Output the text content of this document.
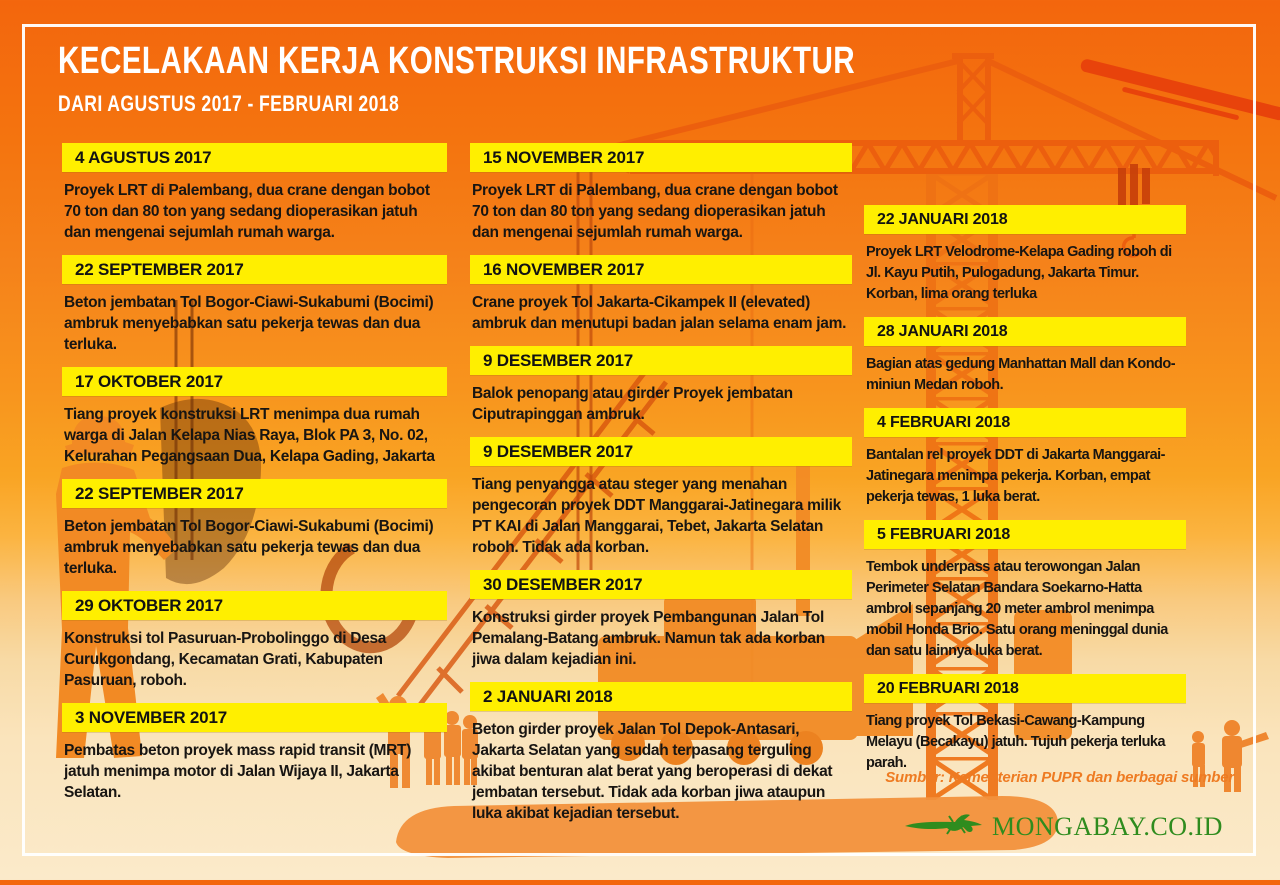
KECELAKAAN KERJA KONSTRUKSI INFRASTRUKTUR
DARI AGUSTUS 2017 - FEBRUARI 2018
4 AGUSTUS 2017

Proyek LRT di Palembang, dua crane dengan bobot 70 ton dan 80 ton yang sedang dioperasikan jatuh dan mengenai sejumlah rumah warga.

22 SEPTEMBER 2017

Beton jembatan Tol Bogor-Ciawi-Sukabumi (Bocimi) ambruk menyebabkan satu pekerja tewas dan dua terluka.

17 OKTOBER 2017

Tiang proyek konstruksi LRT menimpa dua rumah warga di Jalan Kelapa Nias Raya, Blok PA 3, No. 02, Kelurahan Pegangsaan Dua, Kelapa Gading, Jakarta

22 SEPTEMBER 2017

Beton jembatan Tol Bogor-Ciawi-Sukabumi (Bocimi) ambruk menyebabkan satu pekerja tewas dan dua terluka.

29 OKTOBER 2017

Konstruksi tol Pasuruan-Probolinggo di Desa Curukgondang, Kecamatan Grati, Kabupaten Pasuruan, roboh.

3 NOVEMBER 2017

Pembatas beton proyek mass rapid transit (MRT) jatuh menimpa motor di Jalan Wijaya II, Jakarta Selatan.

15 NOVEMBER 2017

Proyek LRT di Palembang, dua crane dengan bobot 70 ton dan 80 ton yang sedang dioperasikan jatuh dan mengenai sejumlah rumah warga.

16 NOVEMBER 2017

Crane proyek Tol Jakarta-Cikampek II (elevated) ambruk dan menutupi badan jalan selama enam jam.

9 DESEMBER 2017

Balok penopang atau girder Proyek jembatan Ciputrapinggan ambruk.

9 DESEMBER 2017

Tiang penyangga atau steger yang menahan pengecoran proyek DDT Manggarai-Jatinegara milik PT KAI di Jalan Manggarai, Tebet, Jakarta Selatan roboh. Tidak ada korban.

30 DESEMBER 2017

Konstruksi girder proyek Pembangunan Jalan Tol Pemalang-Batang ambruk. Namun tak ada korban jiwa dalam kejadian ini.

2 JANUARI 2018

Beton girder proyek Jalan Tol Depok-Antasari, Jakarta Selatan yang sudah terpasang terguling akibat benturan alat berat yang beroperasi di dekat jembatan tersebut. Tidak ada korban jiwa ataupun luka akibat kejadian tersebut.

22 JANUARI 2018

Proyek LRT Velodrome-Kelapa Gading roboh di Jl. Kayu Putih, Pulogadung, Jakarta Timur. Korban, lima orang terluka

28 JANUARI 2018

Bagian atas gedung Manhattan Mall dan Kondo-miniun Medan roboh.

4 FEBRUARI 2018

Bantalan rel proyek DDT di Jakarta Manggarai-Jatinegara menimpa pekerja. Korban, empat pekerja tewas, 1 luka berat.

5 FEBRUARI 2018

Tembok underpass atau terowongan Jalan Perimeter Selatan Bandara Soekarno-Hatta ambrol sepanjang 20 meter ambrol menimpa mobil Honda Brio. Satu orang meninggal dunia dan satu lainnya luka berat.

20 FEBRUARI 2018

Tiang proyek Tol Bekasi-Cawang-Kampung Melayu (Becakayu) jatuh. Tujuh pekerja terluka parah.

Sumber: Kementerian PUPR dan berbagai sumber
MONGABAY.CO.ID
